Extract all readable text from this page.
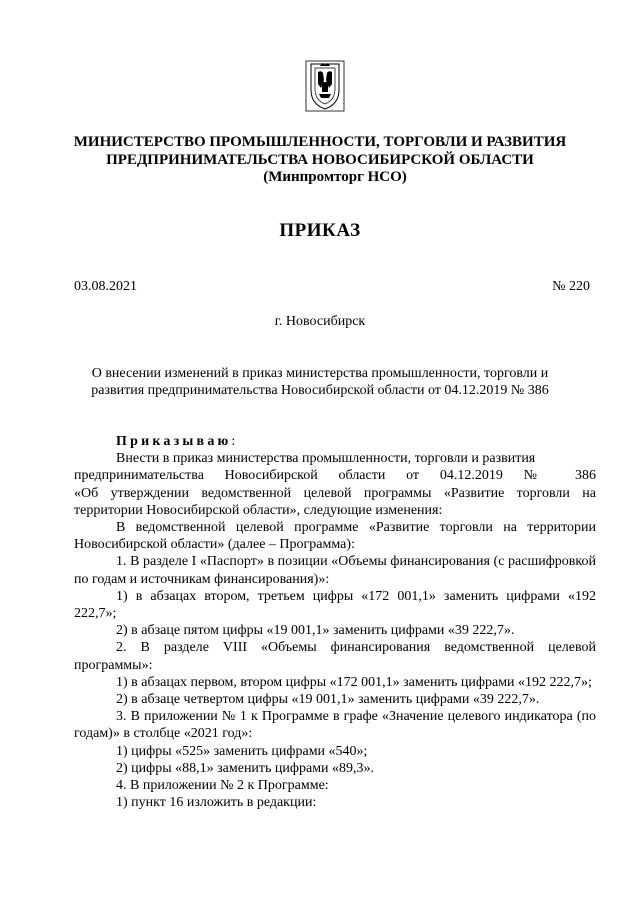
МИНИСТЕРСТВО ПРОМЫШЛЕННОСТИ, ТОРГОВЛИ И РАЗВИТИЯ
ПРЕДПРИНИМАТЕЛЬСТВА НОВОСИБИРСКОЙ ОБЛАСТИ
(Минпромторг НСО)
ПРИКАЗ
03.08.2021	№ 220
г. Новосибирск
О внесении изменений в приказ министерства промышленности, торговли и
развития предпринимательства Новосибирской области от 04.12.2019 № 386

Приказываю:

Внести в приказ министерства промышленности, торговли и развития

предпринимательства Новосибирской области от 04.12.2019 № 386

«Об утверждении ведомственной целевой программы «Развитие торговли на территории Новосибирской области», следующие изменения:

В ведомственной целевой программе «Развитие торговли на территории Новосибирской области» (далее – Программа):

1. В разделе I «Паспорт» в позиции «Объемы финансирования (с расшифровкой по годам и источникам финансирования)»:

1) в абзацах втором, третьем цифры «172 001,1» заменить цифрами «192 222,7»;

2) в абзаце пятом цифры «19 001,1» заменить цифрами «39 222,7».

2. В разделе VIII «Объемы финансирования ведомственной целевой программы»:

1) в абзацах первом, втором цифры «172 001,1» заменить цифрами «192 222,7»;

2) в абзаце четвертом цифры «19 001,1» заменить цифрами «39 222,7».

3. В приложении № 1 к Программе в графе «Значение целевого индикатора (по годам)» в столбце «2021 год»:

1) цифры «525» заменить цифрами «540»;

2) цифры «88,1» заменить цифрами «89,3».

4. В приложении № 2 к Программе:

1) пункт 16 изложить в редакции:
